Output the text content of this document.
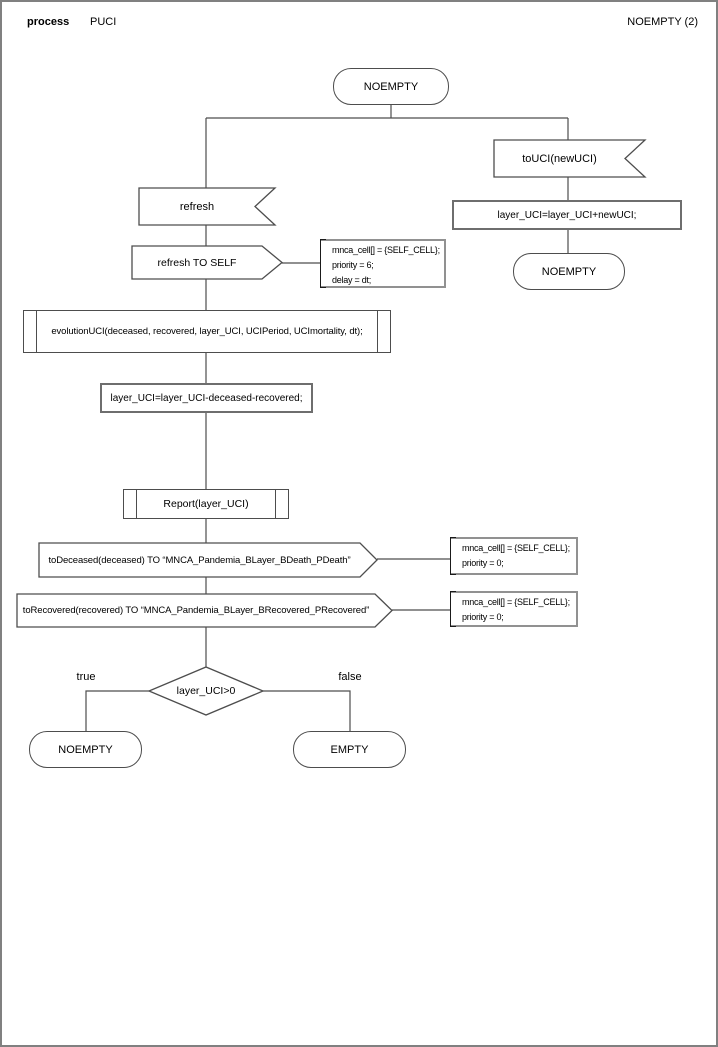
process PUCI	NOEMPTY (2)
NOEMPTY
toUCI(newUCI)
layer_UCI=layer_UCI+newUCI;
NOEMPTY
refresh
refresh TO SELF
mnca_cell[] = {SELF_CELL};
priority = 6;
delay = dt;
evolutionUCI(deceased, recovered, layer_UCI, UCIPeriod, UCImortality, dt);
layer_UCI=layer_UCI-deceased-recovered;
Report(layer_UCI)
toDeceased(deceased) TO “MNCA_Pandemia_BLayer_BDeath_PDeath”
toRecovered(recovered) TO “MNCA_Pandemia_BLayer_BRecovered_PRecovered”
mnca_cell[] = {SELF_CELL};
priority = 0;
mnca_cell[] = {SELF_CELL};
priority = 0;
layer_UCI>0
true	false
NOEMPTY	EMPTY
